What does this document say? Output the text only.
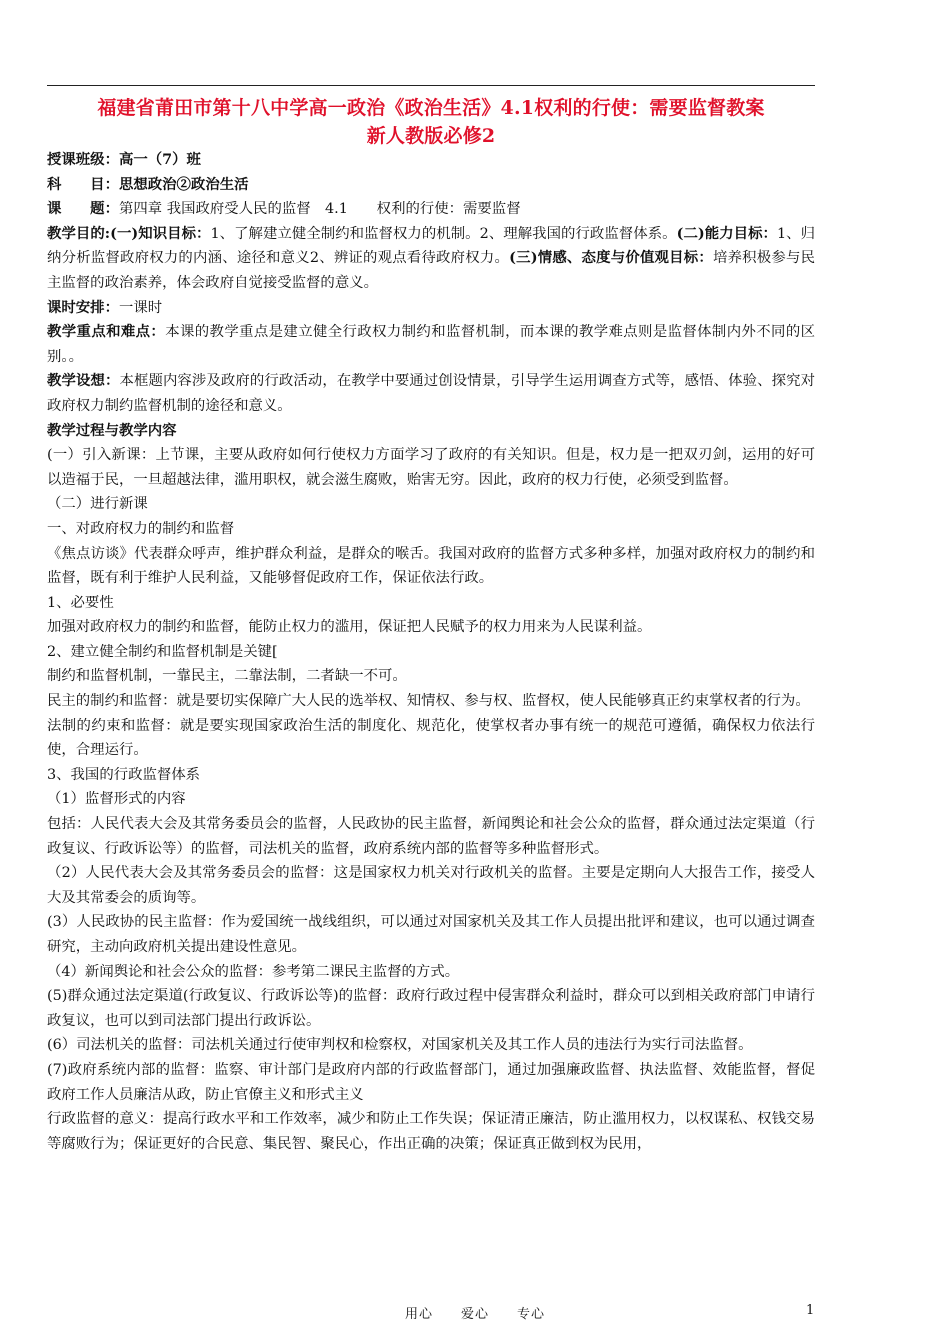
福建省莆田市第十八中学高一政治《政治生活》4.1权利的行使：需要监督教案
新人教版必修2

授课班级：高一（7）班

科　　目：思想政治②政治生活

课　　题：第四章 我国政府受人民的监督　4.1　　权利的行使：需要监督

教学目的:(一)知识目标：1、了解建立健全制约和监督权力的机制。2、理解我国的行政监督体系。(二)能力目标：1、归纳分析监督政府权力的内涵、途径和意义2、辨证的观点看待政府权力。(三)情感、态度与价值观目标：培养积极参与民主监督的政治素养，体会政府自觉接受监督的意义。

课时安排：一课时

教学重点和难点：本课的教学重点是建立健全行政权力制约和监督机制，而本课的教学难点则是监督体制内外不同的区别。。

教学设想：本框题内容涉及政府的行政活动，在教学中要通过创设情景，引导学生运用调查方式等，感悟、体验、探究对政府权力制约监督机制的途径和意义。

教学过程与教学内容

(一）引入新课：上节课，主要从政府如何行使权力方面学习了政府的有关知识。但是，权力是一把双刃剑，运用的好可以造福于民，一旦超越法律，滥用职权，就会滋生腐败，贻害无穷。因此，政府的权力行使，必须受到监督。

（二）进行新课

一、对政府权力的制约和监督

《焦点访谈》代表群众呼声，维护群众利益，是群众的喉舌。我国对政府的监督方式多种多样，加强对政府权力的制约和监督，既有利于维护人民利益，又能够督促政府工作，保证依法行政。

1、必要性

加强对政府权力的制约和监督，能防止权力的滥用，保证把人民赋予的权力用来为人民谋利益。

2、建立健全制约和监督机制是关键[

制约和监督机制，一靠民主，二靠法制，二者缺一不可。

民主的制约和监督：就是要切实保障广大人民的选举权、知情权、参与权、监督权，使人民能够真正约束掌权者的行为。

法制的约束和监督：就是要实现国家政治生活的制度化、规范化，使掌权者办事有统一的规范可遵循，确保权力依法行使，合理运行。

3、我国的行政监督体系

（1）监督形式的内容

包括：人民代表大会及其常务委员会的监督，人民政协的民主监督，新闻舆论和社会公众的监督，群众通过法定渠道（行政复议、行政诉讼等）的监督，司法机关的监督，政府系统内部的监督等多种监督形式。

（2）人民代表大会及其常务委员会的监督：这是国家权力机关对行政机关的监督。主要是定期向人大报告工作，接受人大及其常委会的质询等。

(3）人民政协的民主监督：作为爱国统一战线组织，可以通过对国家机关及其工作人员提出批评和建议，也可以通过调查研究，主动向政府机关提出建设性意见。

（4）新闻舆论和社会公众的监督：参考第二课民主监督的方式。

(5)群众通过法定渠道(行政复议、行政诉讼等)的监督：政府行政过程中侵害群众利益时，群众可以到相关政府部门申请行政复议，也可以到司法部门提出行政诉讼。

(6）司法机关的监督：司法机关通过行使审判权和检察权，对国家机关及其工作人员的违法行为实行司法监督。

(7)政府系统内部的监督：监察、审计部门是政府内部的行政监督部门，通过加强廉政监督、执法监督、效能监督，督促政府工作人员廉洁从政，防止官僚主义和形式主义

行政监督的意义：提高行政水平和工作效率，减少和防止工作失误；保证清正廉洁，防止滥用权力，以权谋私、权钱交易等腐败行为；保证更好的合民意、集民智、聚民心，作出正确的决策；保证真正做到权为民用，

用心　　爱心　　专心	1
